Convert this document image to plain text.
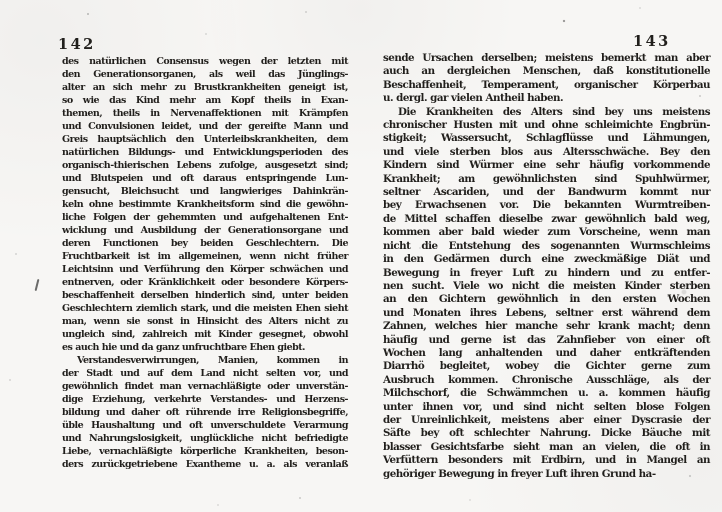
142
des natürlichen Consensus wegen der letzten mit
den Generationsorganen, als weil das Jünglings-
alter an sich mehr zu Brustkrankheiten geneigt ist,
so wie das Kind mehr am Kopf theils in Exan-
themen, theils in Nervenaffektionen mit Krämpfen
und Convulsionen leidet, und der gereifte Mann und
Greis hauptsächlich den Unterleibskrankheiten, dem
natürlichen Bildungs- und Entwicklungsperioden des
organisch-thierischen Lebens zufolge, ausgesetzt sind;
und Blutspeien und oft daraus entspringende Lun-
gensucht, Bleichsucht und langwieriges Dahinkrän-
keln ohne bestimmte Krankheitsform sind die gewöhn-
liche Folgen der gehemmten und aufgehaltenen Ent-
wicklung und Ausbildung der Generationsorgane und
deren Functionen bey beiden Geschlechtern. Die
Fruchtbarkeit ist im allgemeinen, wenn nicht früher
Leichtsinn und Verführung den Körper schwächen und
entnerven, oder Kränklichkeit oder besondere Körpers-
beschaffenheit derselben hinderlich sind, unter beiden
Geschlechtern ziemlich stark, und die meisten Ehen sieht
man, wenn sie sonst in Hinsicht des Alters nicht zu
ungleich sind, zahlreich mit Kinder gesegnet, obwohl
es auch hie und da ganz unfruchtbare Ehen giebt.
Verstandesverwirrungen, Manien, kommen in
der Stadt und auf dem Land nicht selten vor, und
gewöhnlich findet man vernachläßigte oder unverstän-
dige Erziehung, verkehrte Verstandes- und Herzens-
bildung und daher oft rührende irre Religionsbegriffe,
üble Haushaltung und oft unverschuldete Verarmung
und Nahrungslosigkeit, unglückliche nicht befriedigte
Liebe, vernachläßigte körperliche Krankheiten, beson-
ders zurückgetriebene Exantheme u. a. als veranlaß
143
sende Ursachen derselben; meistens bemerkt man aber
auch an dergleichen Menschen, daß konstitutionelle
Beschaffenheit, Temperament, organischer Körperbau
u. dergl. gar vielen Antheil haben.
Die Krankheiten des Alters sind bey uns meistens
chronischer Husten mit und ohne schleimichte Engbrün-
stigkeit; Wassersucht, Schlagflüsse und Lähmungen,
und viele sterben blos aus Altersschwäche. Bey den
Kindern sind Würmer eine sehr häufig vorkommende
Krankheit; am gewöhnlichsten sind Spuhlwürmer,
seltner Ascariden, und der Bandwurm kommt nur
bey Erwachsenen vor. Die bekannten Wurmtreiben-
de Mittel schaffen dieselbe zwar gewöhnlich bald weg,
kommen aber bald wieder zum Vorscheine, wenn man
nicht die Entstehung des sogenannten Wurmschleims
in den Gedärmen durch eine zweckmäßige Diät und
Bewegung in freyer Luft zu hindern und zu entfer-
nen sucht. Viele wo nicht die meisten Kinder sterben
an den Gichtern gewöhnlich in den ersten Wochen
und Monaten ihres Lebens, seltner erst während dem
Zahnen, welches hier manche sehr krank macht; denn
häufig und gerne ist das Zahnfieber von einer oft
Wochen lang anhaltenden und daher entkräftenden
Diarrhö begleitet, wobey die Gichter gerne zum
Ausbruch kommen. Chronische Ausschläge, als der
Milchschorf, die Schwämmchen u. a. kommen häufig
unter ihnen vor, und sind nicht selten blose Folgen
der Unreinlichkeit, meistens aber einer Dyscrasie der
Säfte bey oft schlechter Nahrung. Dicke Bäuche mit
blasser Gesichtsfarbe sieht man an vielen, die oft in
Verfüttern besonders mit Erdbirn, und in Mangel an
gehöriger Bewegung in freyer Luft ihren Grund ha-
